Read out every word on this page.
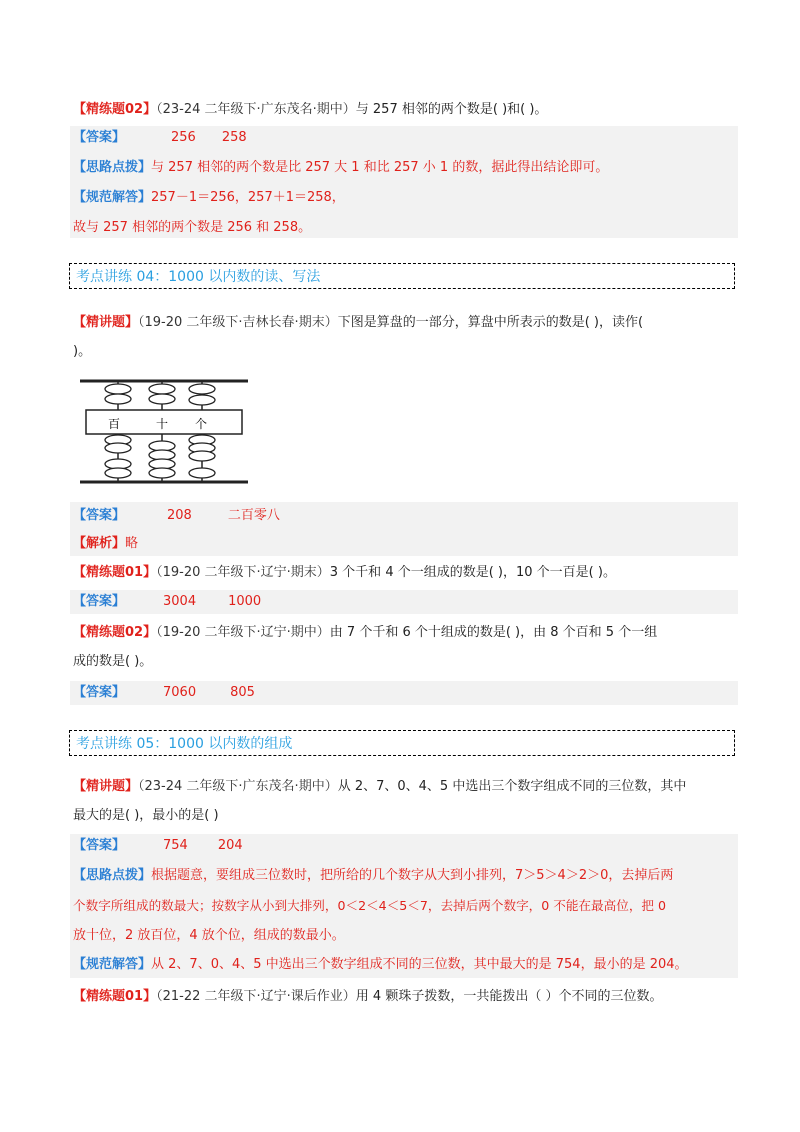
【精练题02】（23-24 二年级下·广东茂名·期中）与 257 相邻的两个数是( )和( )。
【答案】	256 258
【思路点拨】与 257 相邻的两个数是比 257 大 1 和比 257 小 1 的数，据此得出结论即可。
【规范解答】257－1＝256，257＋1＝258，
故与 257 相邻的两个数是 256 和 258。
考点讲练 04：1000 以内数的读、写法
【精讲题】（19-20 二年级下·吉林长春·期末）下图是算盘的一部分，算盘中所表示的数是( )，读作(
)。
百	十 个
【答案】	208	二百零八
【解析】略
【精练题01】（19-20 二年级下·辽宁·期末）3 个千和 4 个一组成的数是( )，10 个一百是( )。
【答案】	3004 1000
【精练题02】（19-20 二年级下·辽宁·期中）由 7 个千和 6 个十组成的数是( )，由 8 个百和 5 个一组
成的数是( )。
【答案】	7060	805
考点讲练 05：1000 以内数的组成
【精讲题】（23-24 二年级下·广东茂名·期中）从 2、7、0、4、5 中选出三个数字组成不同的三位数，其中
最大的是( )，最小的是( )
【答案】	754 204
【思路点拨】根据题意，要组成三位数时，把所给的几个数字从大到小排列，7＞5＞4＞2＞0，去掉后两
个数字所组成的数最大；按数字从小到大排列，0＜2＜4＜5＜7，去掉后两个数字，0 不能在最高位，把 0
放十位，2 放百位，4 放个位，组成的数最小。
【规范解答】从 2、7、0、4、5 中选出三个数字组成不同的三位数，其中最大的是 754，最小的是 204。
【精练题01】（21-22 二年级下·辽宁·课后作业）用 4 颗珠子拨数，一共能拨出（ ）个不同的三位数。
